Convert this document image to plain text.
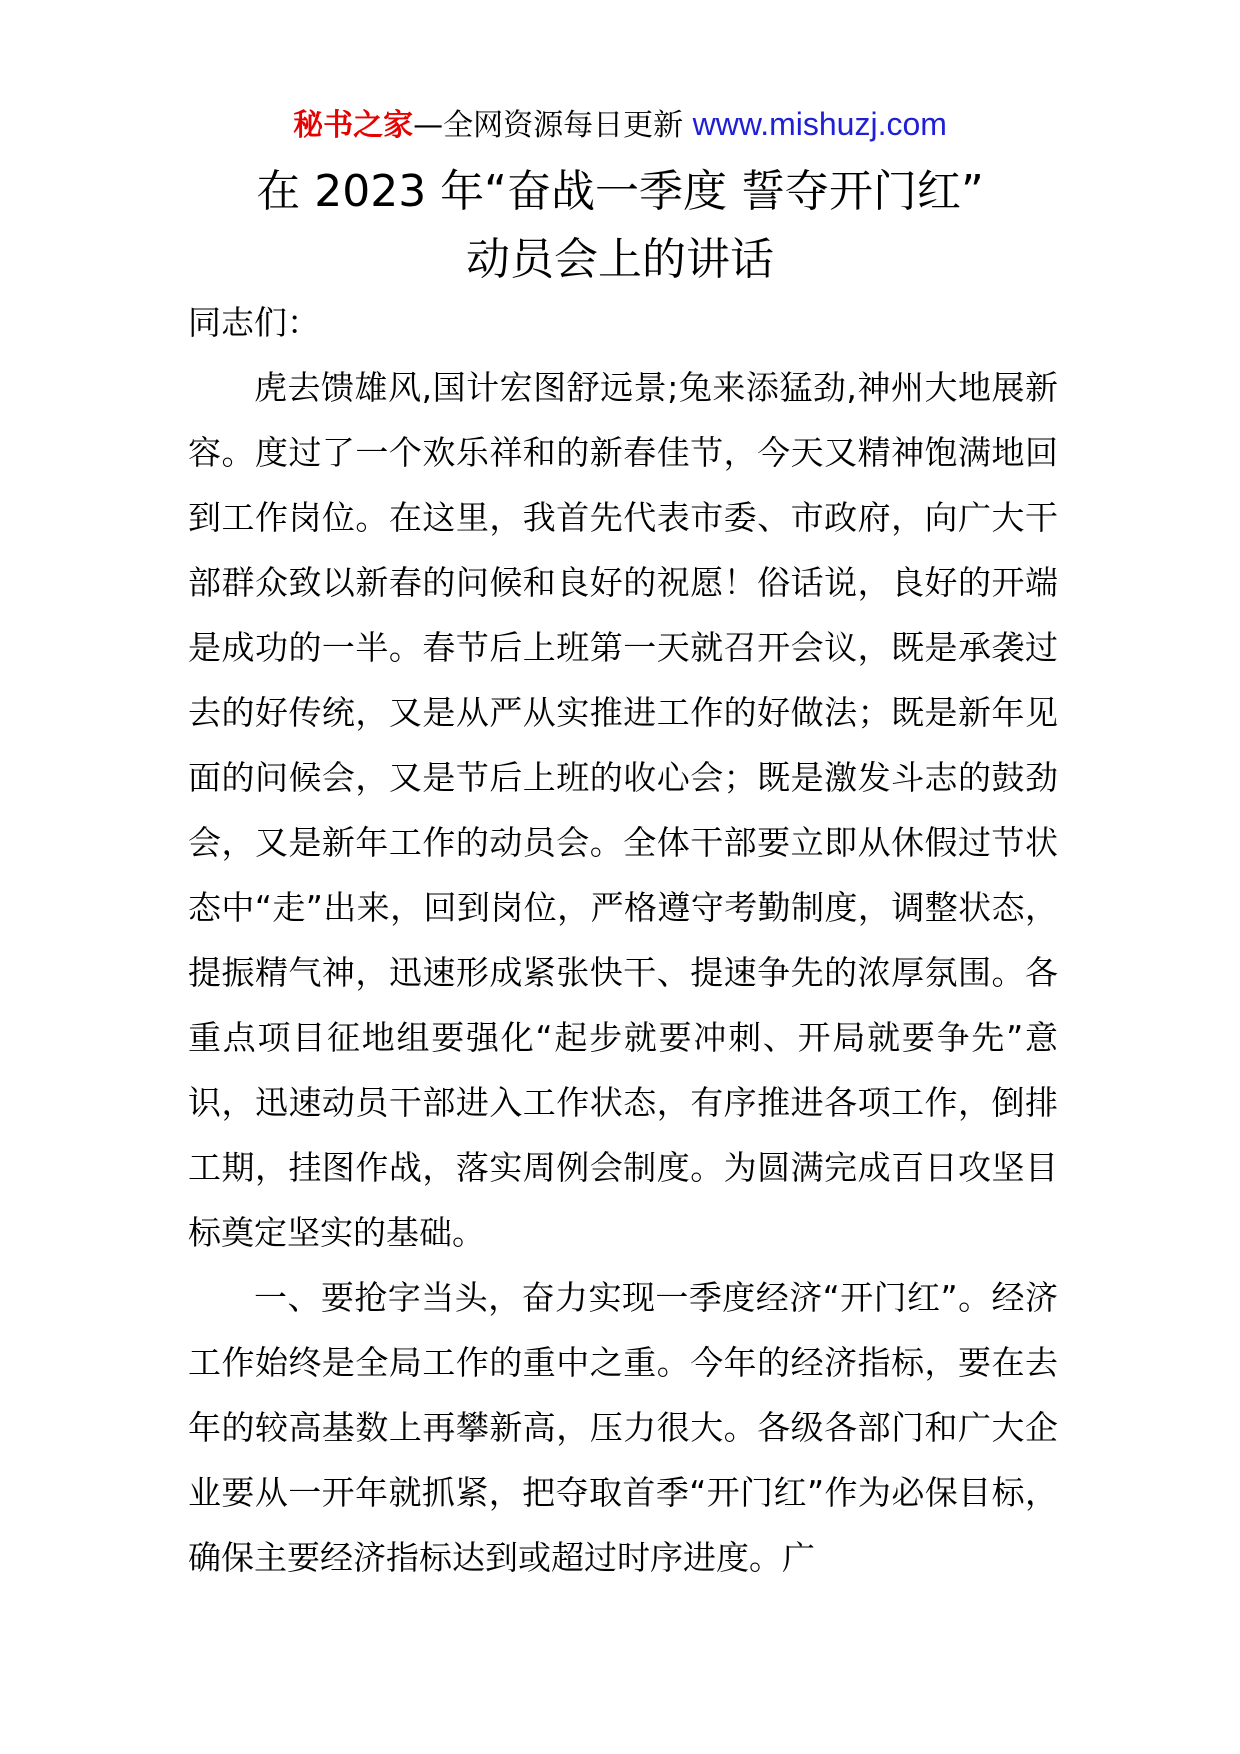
秘书之家—全网资源每日更新 www.mishuzj.com
在 2023 年“奋战一季度 誓夺开门红”
动员会上的讲话

同志们：

虎去馈雄风,国计宏图舒远景;兔来添猛劲,神州大地展新容。度过了一个欢乐祥和的新春佳节，今天又精神饱满地回到工作岗位。在这里，我首先代表市委、市政府，向广大干部群众致以新春的问候和良好的祝愿！俗话说，良好的开端是成功的一半。春节后上班第一天就召开会议，既是承袭过去的好传统，又是从严从实推进工作的好做法；既是新年见面的问候会，又是节后上班的收心会；既是激发斗志的鼓劲会，又是新年工作的动员会。全体干部要立即从休假过节状态中“走”出来，回到岗位，严格遵守考勤制度，调整状态，提振精气神，迅速形成紧张快干、提速争先的浓厚氛围。各重点项目征地组要强化“起步就要冲刺、开局就要争先”意识，迅速动员干部进入工作状态，有序推进各项工作，倒排工期，挂图作战，落实周例会制度。为圆满完成百日攻坚目标奠定坚实的基础。

一、要抢字当头，奋力实现一季度经济“开门红”。经济工作始终是全局工作的重中之重。今年的经济指标，要在去年的较高基数上再攀新高，压力很大。各级各部门和广大企业要从一开年就抓紧，把夺取首季“开门红”作为必保目标，确保主要经济指标达到或超过时序进度。广
